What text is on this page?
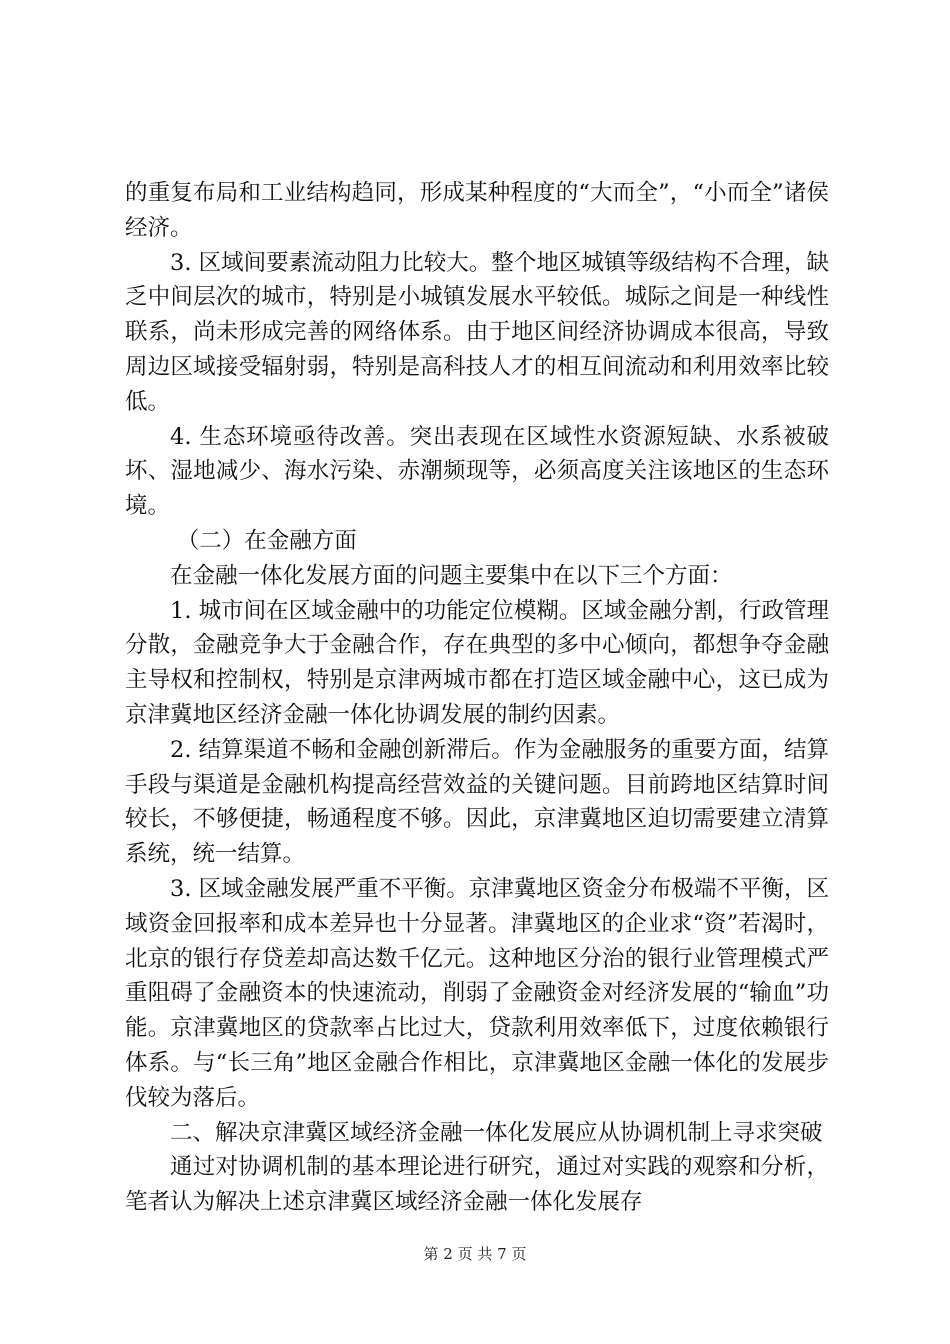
的重复布局和工业结构趋同，形成某种程度的“大而全”，“小而全”诸侯经济。

3. 区域间要素流动阻力比较大。整个地区城镇等级结构不合理，缺乏中间层次的城市，特别是小城镇发展水平较低。城际之间是一种线性联系，尚未形成完善的网络体系。由于地区间经济协调成本很高，导致周边区域接受辐射弱，特别是高科技人才的相互间流动和利用效率比较低。

4. 生态环境亟待改善。突出表现在区域性水资源短缺、水系被破坏、湿地减少、海水污染、赤潮频现等，必须高度关注该地区的生态环境。

（二）在金融方面

在金融一体化发展方面的问题主要集中在以下三个方面：

1. 城市间在区域金融中的功能定位模糊。区域金融分割，行政管理分散，金融竞争大于金融合作，存在典型的多中心倾向，都想争夺金融主导权和控制权，特别是京津两城市都在打造区域金融中心，这已成为京津冀地区经济金融一体化协调发展的制约因素。

2. 结算渠道不畅和金融创新滞后。作为金融服务的重要方面，结算手段与渠道是金融机构提高经营效益的关键问题。目前跨地区结算时间较长，不够便捷，畅通程度不够。因此，京津冀地区迫切需要建立清算系统，统一结算。

3. 区域金融发展严重不平衡。京津冀地区资金分布极端不平衡，区域资金回报率和成本差异也十分显著。津冀地区的企业求“资”若渴时，北京的银行存贷差却高达数千亿元。这种地区分治的银行业管理模式严重阻碍了金融资本的快速流动，削弱了金融资金对经济发展的“输血”功能。京津冀地区的贷款率占比过大，贷款利用效率低下，过度依赖银行体系。与“长三角”地区金融合作相比，京津冀地区金融一体化的发展步伐较为落后。

二、解决京津冀区域经济金融一体化发展应从协调机制上寻求突破

通过对协调机制的基本理论进行研究，通过对实践的观察和分析，笔者认为解决上述京津冀区域经济金融一体化发展存

第 2 页 共 7 页
